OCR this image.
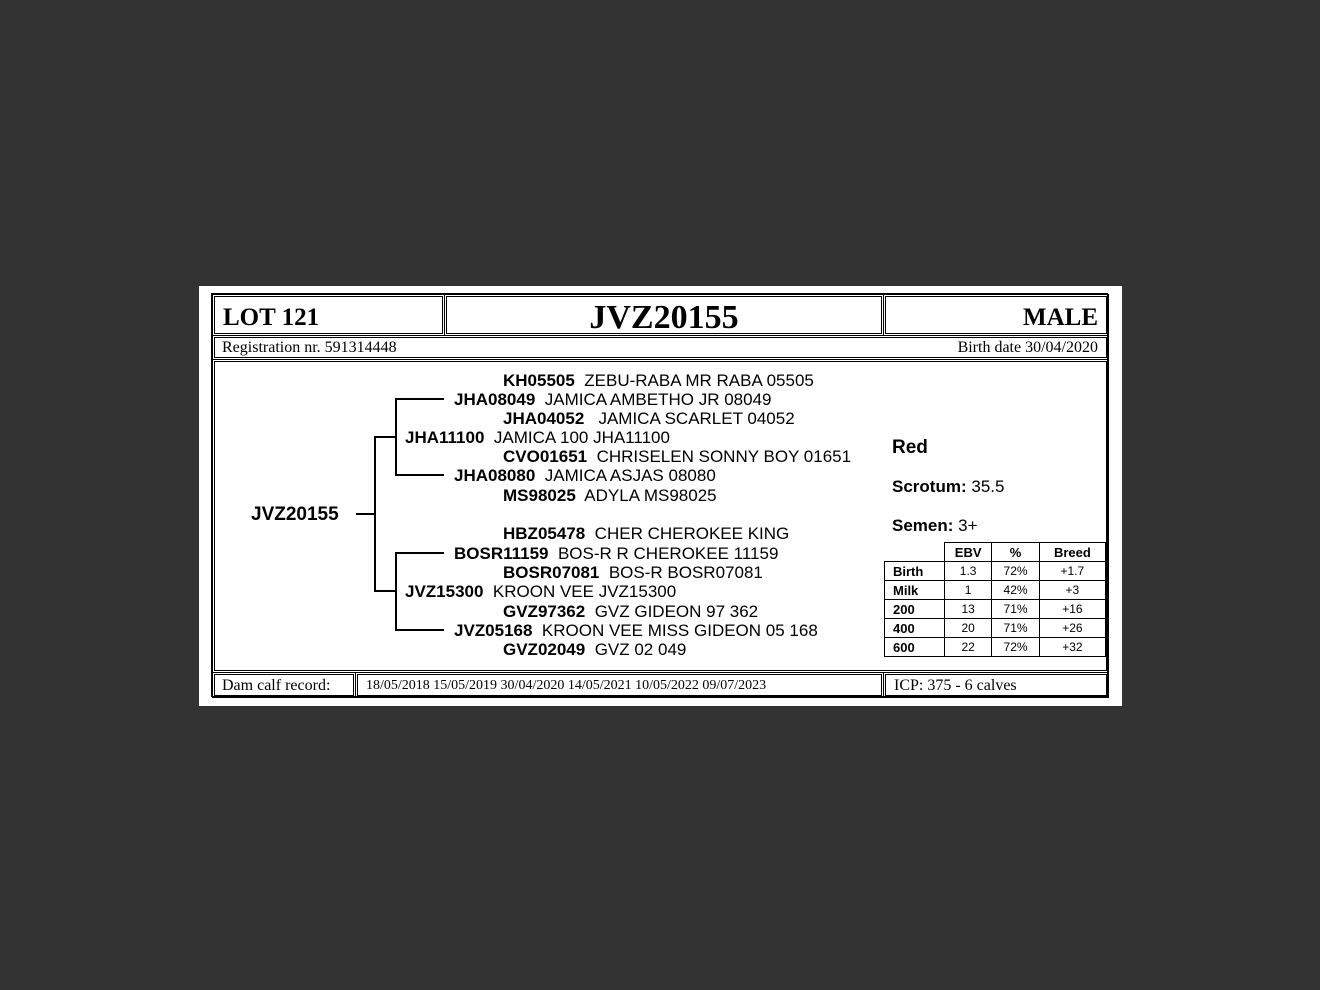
LOT 121	JVZ20155	MALE
Registration nr. 591314448	Birth date 30/04/2020
JVZ20155
KH05505 ZEBU-RABA MR RABA 05505
JHA08049 JAMICA AMBETHO JR 08049
JHA04052 JAMICA SCARLET 04052
JHA11100 JAMICA 100 JHA11100
CVO01651 CHRISELEN SONNY BOY 01651
JHA08080 JAMICA ASJAS 08080
MS98025 ADYLA MS98025
HBZ05478 CHER CHEROKEE KING
BOSR11159 BOS-R R CHEROKEE 11159
BOSR07081 BOS-R BOSR07081
JVZ15300 KROON VEE JVZ15300
GVZ97362 GVZ GIDEON 97 362
JVZ05168 KROON VEE MISS GIDEON 05 168
GVZ02049 GVZ 02 049
Red
Scrotum: 35.5
Semen: 3+
	EBV	%	Breed
Birth	1.3	72%	+1.7
Milk	1	42%	+3
200	13	71%	+16
400	20	71%	+26
600	22	72%	+32
Dam calf record:	18/05/2018 15/05/2019 30/04/2020 14/05/2021 10/05/2022 09/07/2023	ICP: 375 - 6 calves
